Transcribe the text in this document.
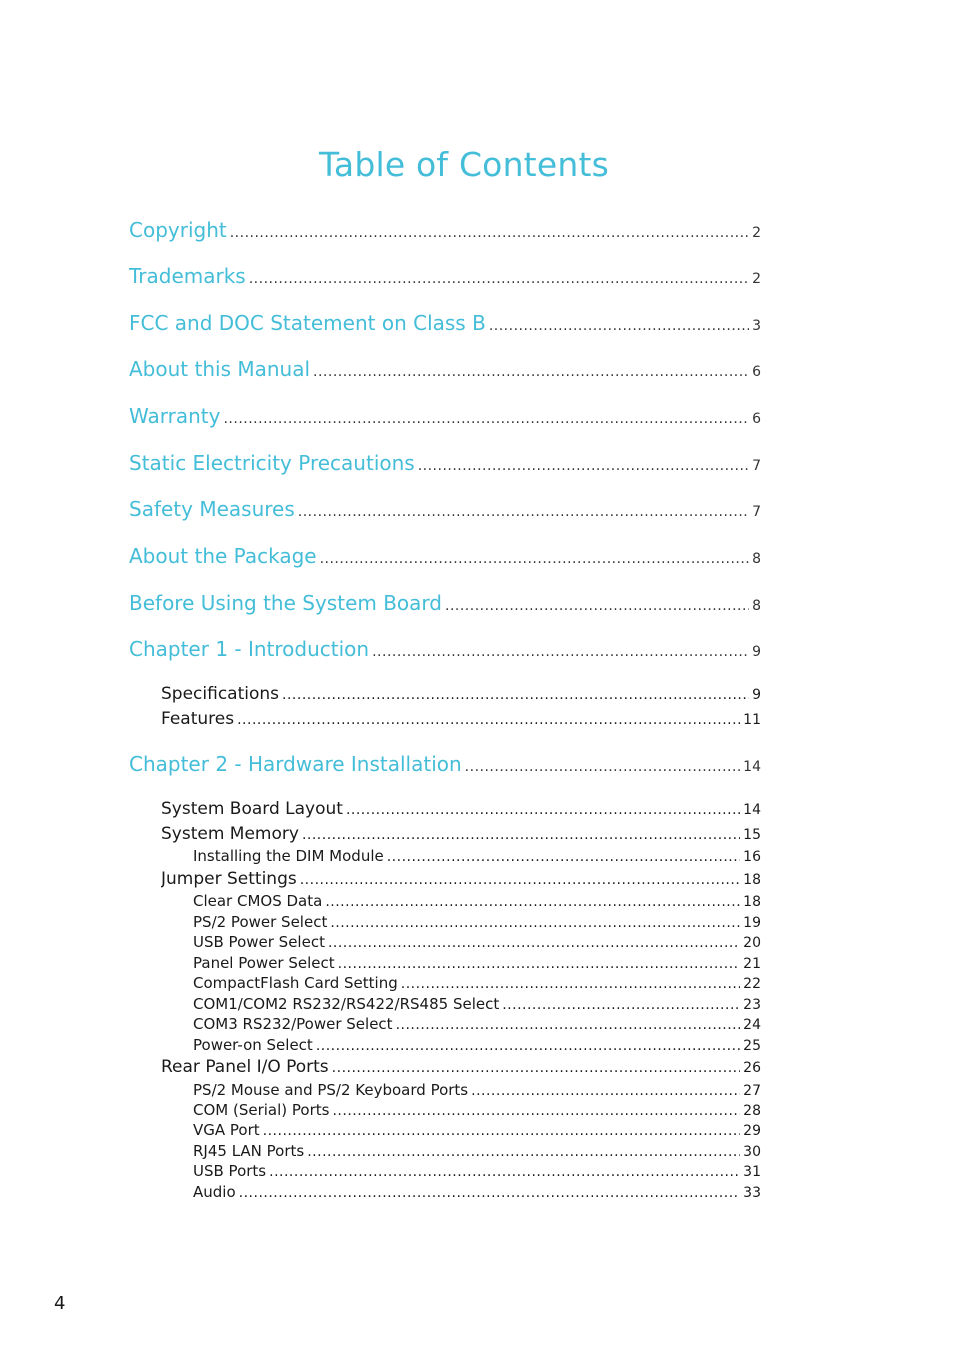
Table of Contents
Copyright .....	2
Trademarks .....	2
FCC and DOC Statement on Class B .....	3
About this Manual .....	6
Warranty .....	6
Static Electricity Precautions .....	7
Safety Measures .....	7
About the Package .....	8
Before Using the System Board .....	8
Chapter 1 - Introduction .....	9
Specifications .....	9
Features .....	11
Chapter 2 - Hardware Installation .....	14
System Board Layout .....	14
System Memory .....	15
Installing the DIM Module .....	16
Jumper Settings .....	18
Clear CMOS Data .....	18
PS/2 Power Select .....	19
USB Power Select .....	20
Panel Power Select .....	21
CompactFlash Card Setting .....	22
COM1/COM2 RS232/RS422/RS485 Select .....	23
COM3 RS232/Power Select .....	24
Power-on Select .....	25
Rear Panel I/O Ports .....	26
PS/2 Mouse and PS/2 Keyboard Ports .....	27
COM (Serial) Ports .....	28
VGA Port .....	29
RJ45 LAN Ports .....	30
USB Ports .....	31
Audio .....	33
4
